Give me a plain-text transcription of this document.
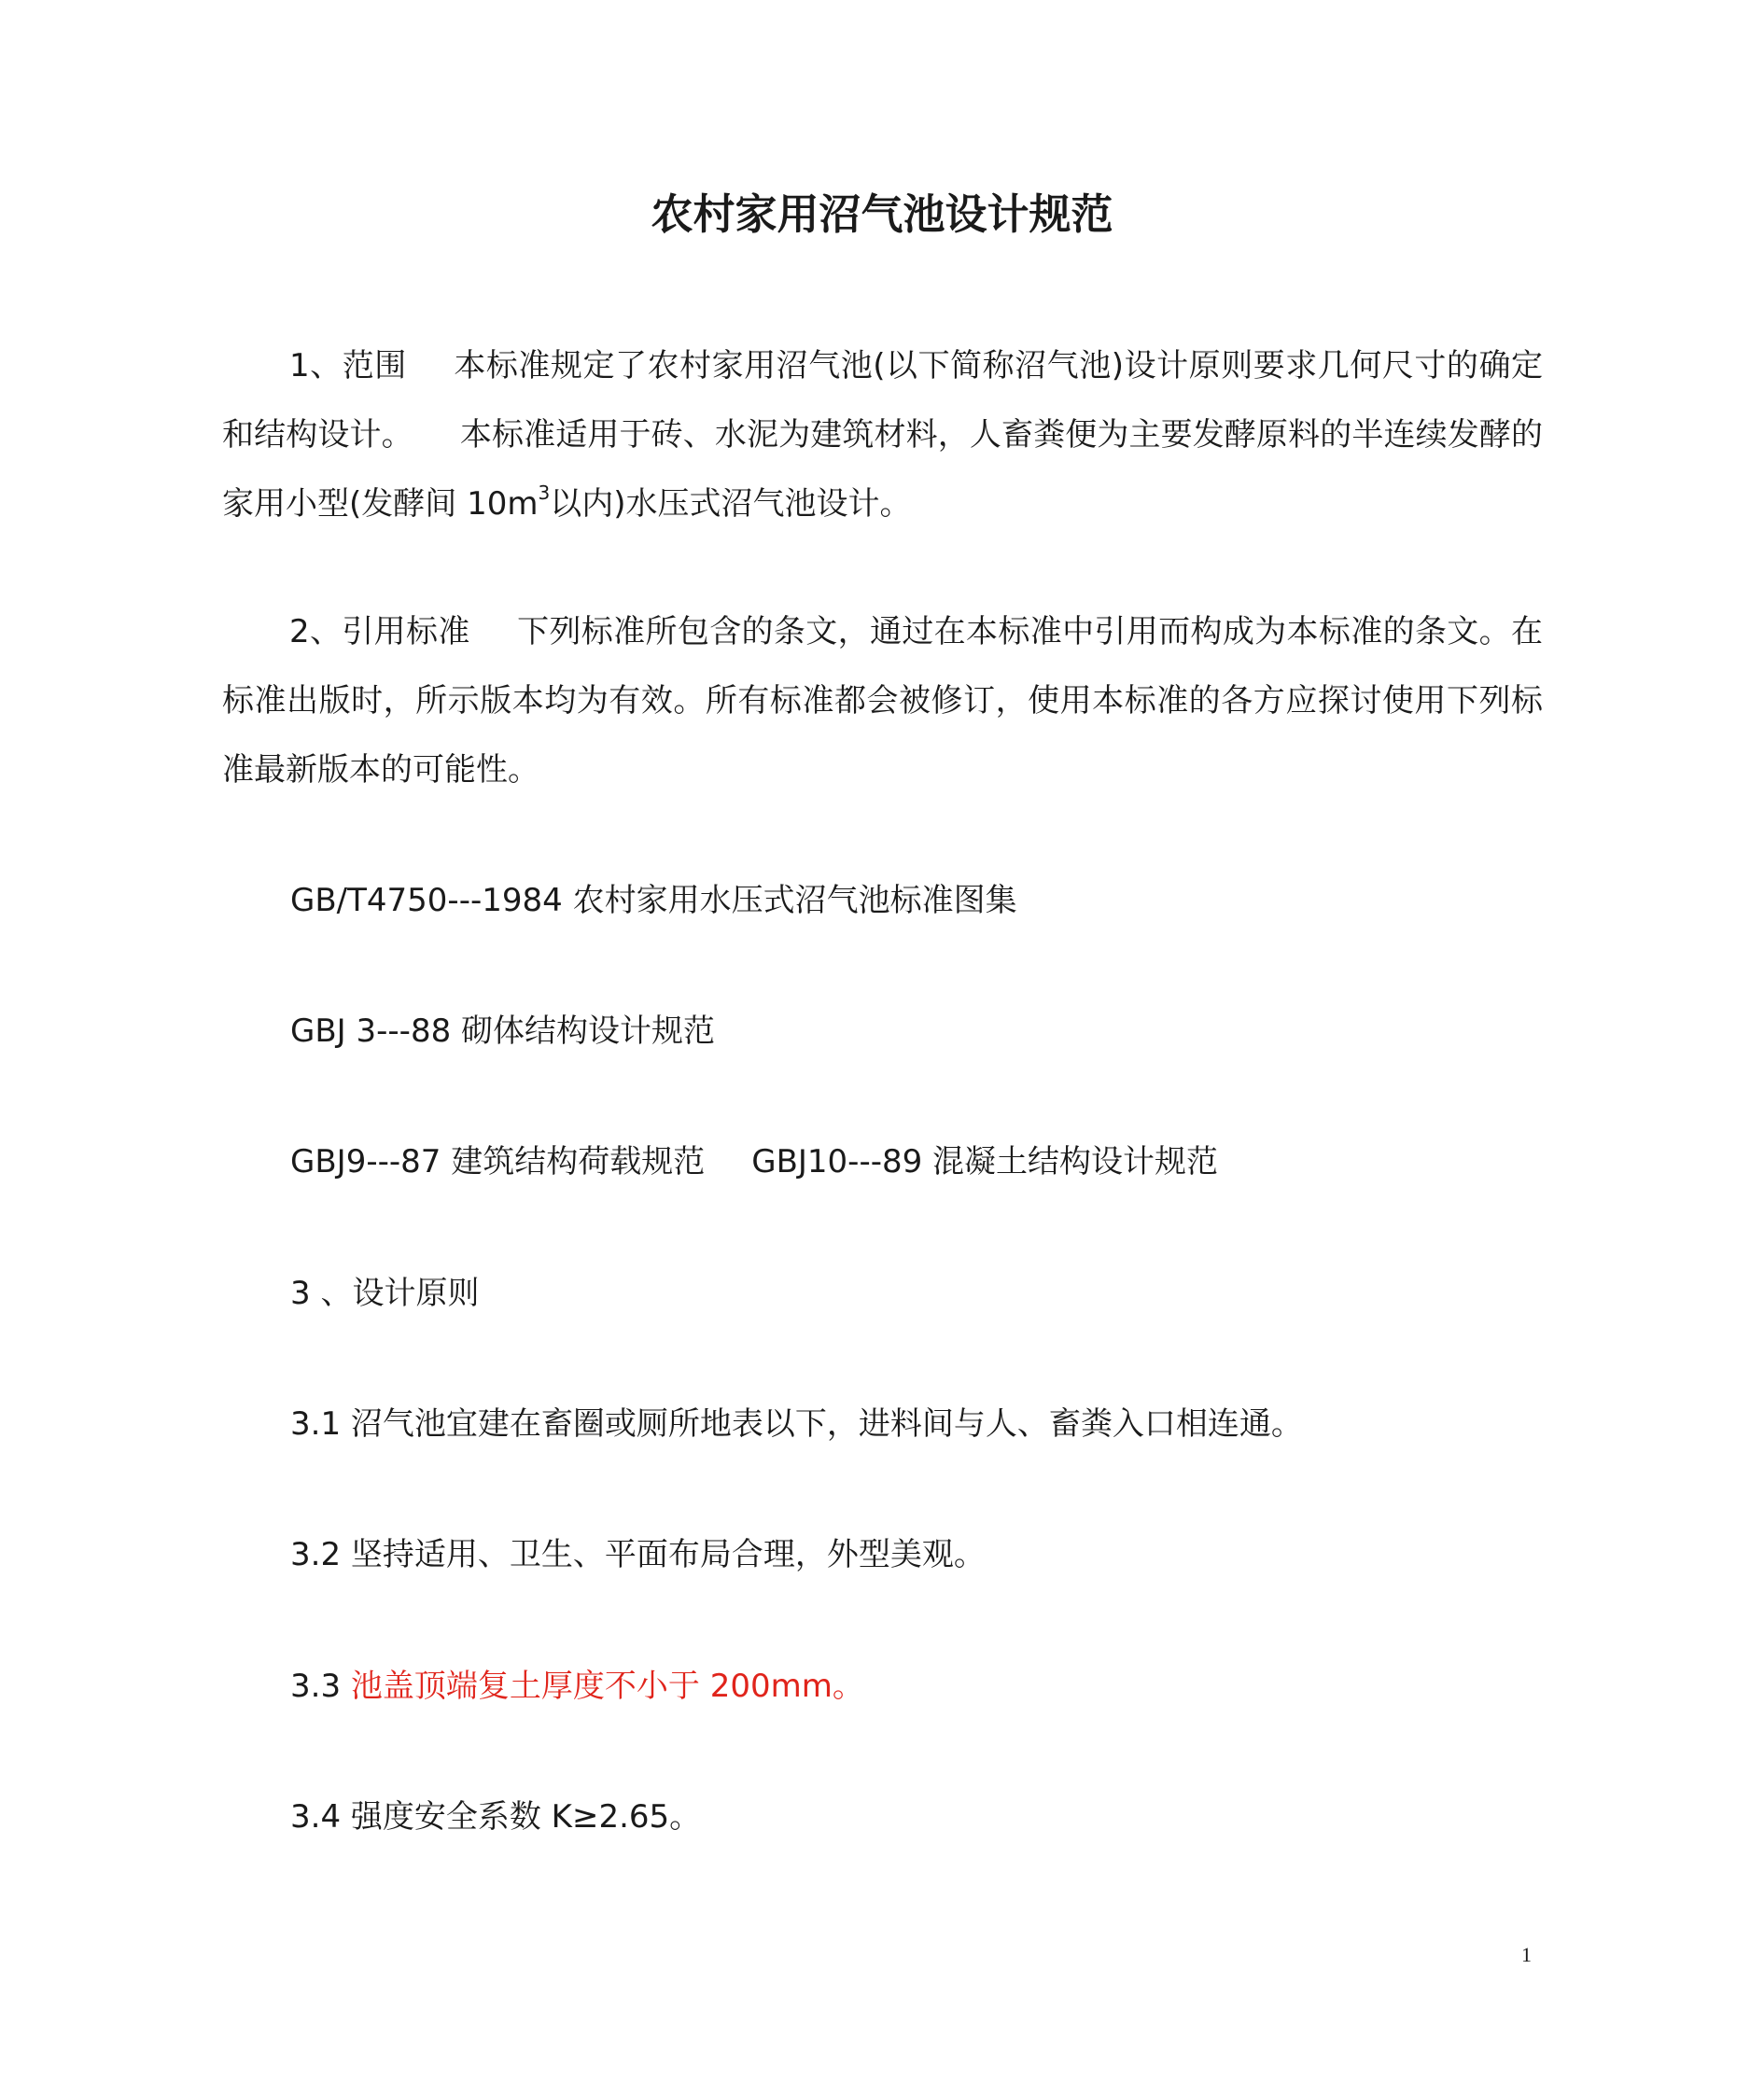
农村家用沼气池设计规范
1、范围 本标准规定了农村家用沼气池(以下简称沼气池)设计原则要求几何尺寸的确定和结构设计。 本标准适用于砖、水泥为建筑材料，人畜粪便为主要发酵原料的半连续发酵的家用小型(发酵间 $10m^3$以内)水压式沼气池设计。
2、引用标准 下列标准所包含的条文，通过在本标准中引用而构成为本标准的条文。在标准出版时，所示版本均为有效。所有标准都会被修订，使用本标准的各方应探讨使用下列标准最新版本的可能性。
GB/T4750---1984 农村家用水压式沼气池标准图集
GBJ 3---88 砌体结构设计规范
GBJ9---87 建筑结构荷载规范 GBJ10---89 混凝土结构设计规范
3 、设计原则
3.1 沼气池宜建在畜圈或厕所地表以下，进料间与人、畜粪入口相连通。
3.2 坚持适用、卫生、平面布局合理，外型美观。
3.3 池盖顶端复土厚度不小于 200mm。
3.4 强度安全系数 K≥2.65。
1
